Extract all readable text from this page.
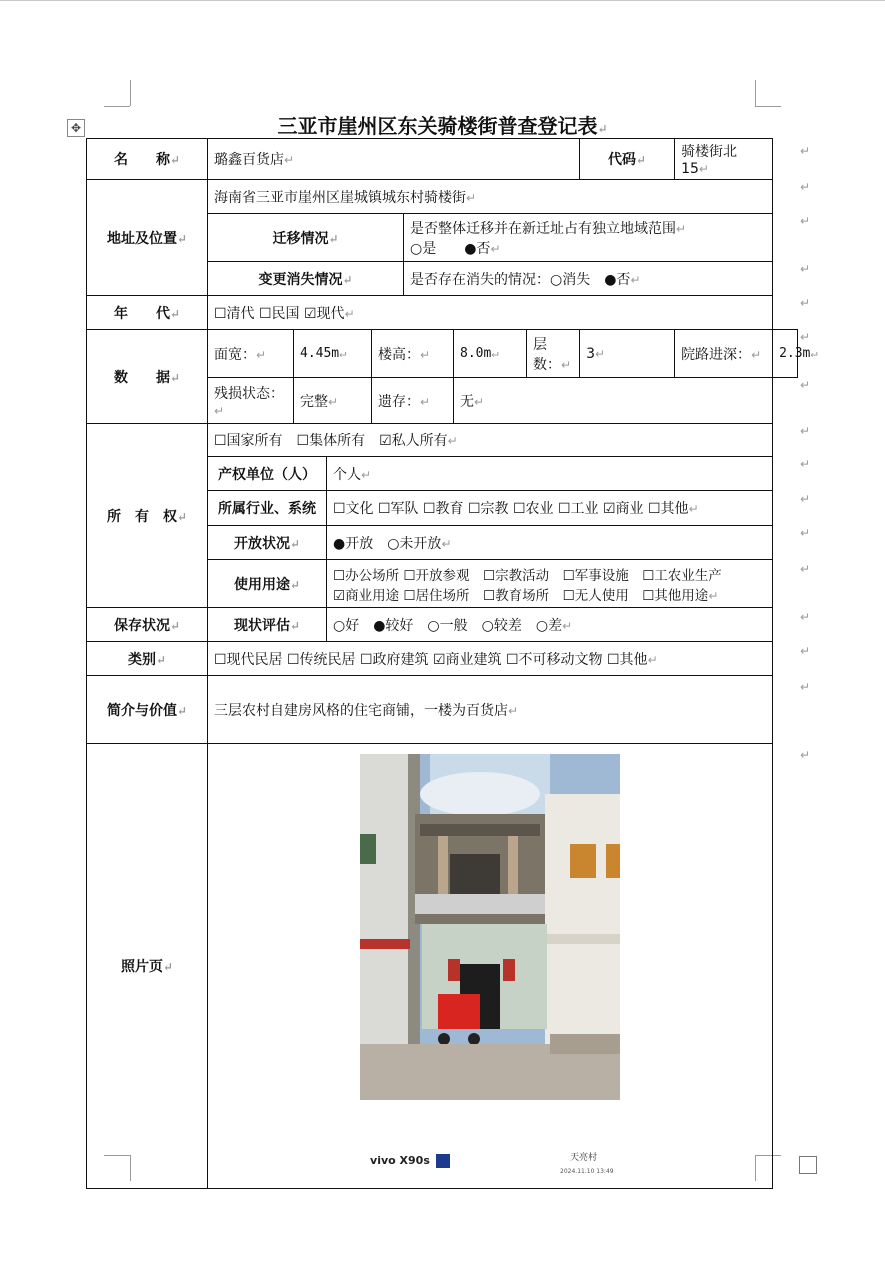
✥	三亚市崖州区东关骑楼街普查登记表↵
名　　称↵	璐鑫百货店↵							代码↵	骑楼街北 15↵	
地址及位置↵	海南省三亚市崖州区崖城镇城东村骑楼街↵									
	迁移情况↵				是否整体迁移并在新迁址占有独立地域范围↵
○是　　●否↵					

	变更消失情况↵				是否存在消失的情况：○消失　●否↵					
年　　代↵	☐清代 ☐民国 ☑现代↵									
数　　据↵	面宽：↵	4.45m↵		楼高：↵		8.0m↵	层数：↵	3↵	院路进深：↵	2.3m↵
	残损状态：↵	完整↵		遗存：↵		无↵				
所　有　权↵	☐国家所有　☐集体所有　☑私人所有↵									
	产权单位（人）		个人↵							
	所属行业、系统		☐文化 ☐军队 ☐教育 ☐宗教 ☐农业 ☐工业 ☑商业 ☐其他↵							
	开放状况↵		●开放　○未开放↵							
	使用用途↵		☐办公场所 ☐开放参观　☐宗教活动　☐军事设施　☐工农业生产
☑商业用途 ☐居住场所　☐教育场所　☐无人使用　☐其他用途↵							

保存状况↵	现状评估↵		○好　●较好　○一般　○较差　○差↵							
类别↵	☐现代民居 ☐传统民居 ☐政府建筑 ☑商业建筑 ☐不可移动文物 ☐其他↵									
简介与价值↵	三层农村自建房风格的住宅商铺，一楼为百货店↵									
照片页↵	vivo X90s 天亮村
2024.11.10 13:49									
↵
↵
↵
↵
↵
↵
↵
↵
↵
↵
↵
↵
↵
↵
↵
↵
